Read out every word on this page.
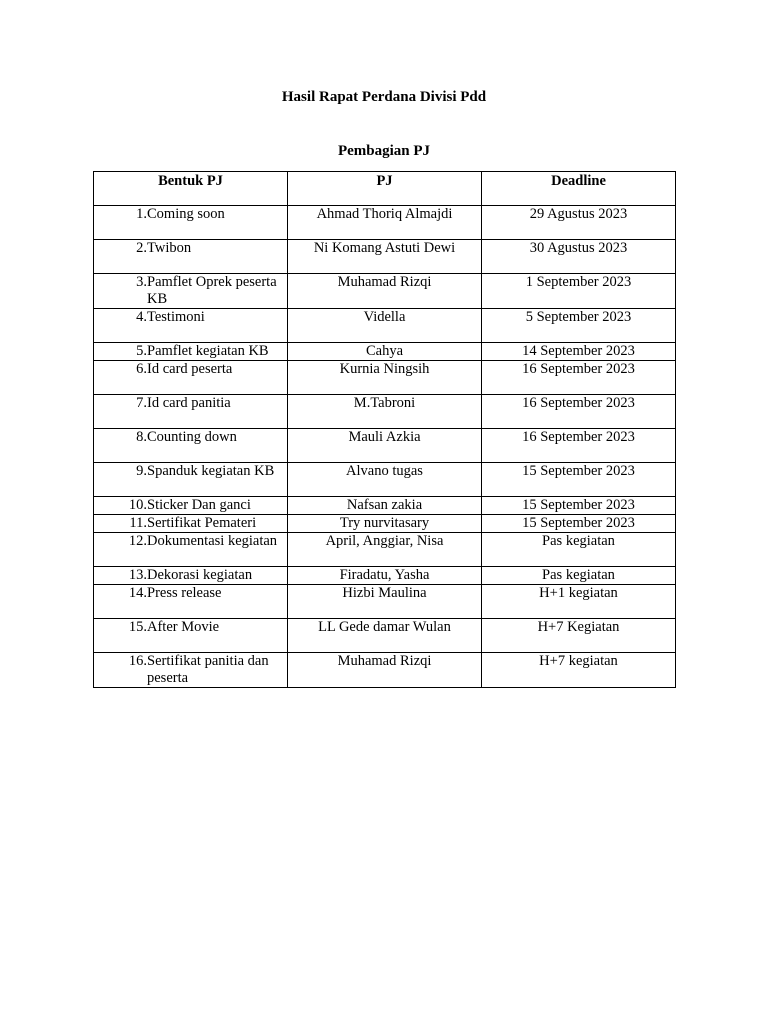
Hasil Rapat Perdana Divisi Pdd
Pembagian PJ
Bentuk PJ	PJ	Deadline

1. Coming soon	Ahmad Thoriq Almajdi	29 Agustus 2023

2. Twibon	Ni Komang Astuti Dewi	30 Agustus 2023

3. Pamflet Oprek peserta KB	Muhamad Rizqi	1 September 2023

4. Testimoni	Vidella	5 September 2023

5. Pamflet kegiatan KB	Cahya	14 September 2023

6. Id card peserta	Kurnia Ningsih	16 September 2023

7. Id card panitia	M.Tabroni	16 September 2023

8. Counting down	Mauli Azkia	16 September 2023

9. Spanduk kegiatan KB	Alvano tugas	15 September 2023

10. Sticker Dan ganci	Nafsan zakia	15 September 2023

11. Sertifikat Pemateri	Try nurvitasary	15 September 2023

12. Dokumentasi kegiatan	April, Anggiar, Nisa	Pas kegiatan

13. Dekorasi kegiatan	Firadatu, Yasha	Pas kegiatan

14. Press release	Hizbi Maulina	H+1 kegiatan

15. After Movie	LL Gede damar Wulan	H+7 Kegiatan

16. Sertifikat panitia dan peserta	Muhamad Rizqi	H+7 kegiatan
